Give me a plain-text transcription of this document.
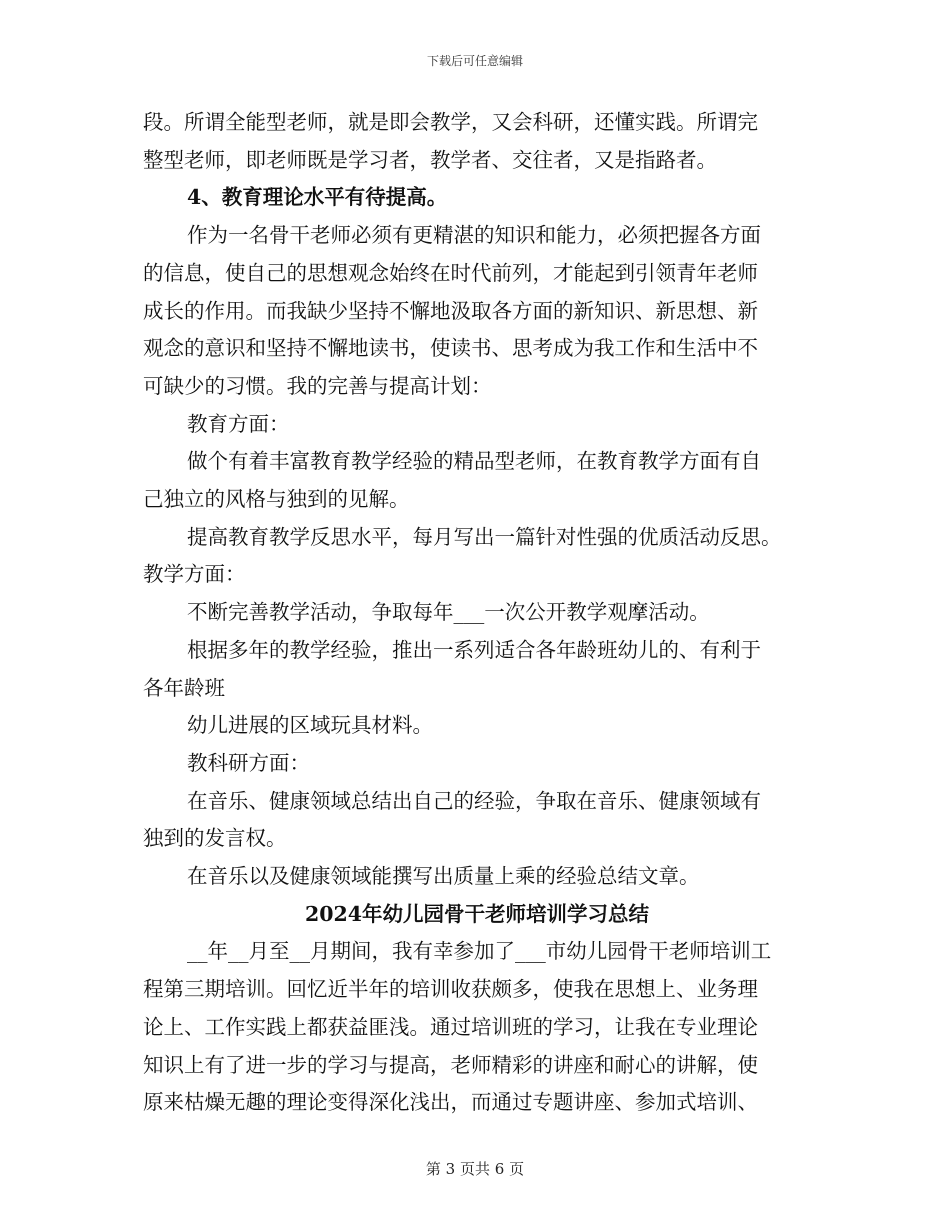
下载后可任意编辑

段。所谓全能型老师，就是即会教学，又会科研，还懂实践。所谓完

整型老师，即老师既是学习者，教学者、交往者，又是指路者。

4、教育理论水平有待提高。

作为一名骨干老师必须有更精湛的知识和能力，必须把握各方面

的信息，使自己的思想观念始终在时代前列，才能起到引领青年老师

成长的作用。而我缺少坚持不懈地汲取各方面的新知识、新思想、新

观念的意识和坚持不懈地读书，使读书、思考成为我工作和生活中不

可缺少的习惯。我的完善与提高计划：

教育方面：

做个有着丰富教育教学经验的精品型老师，在教育教学方面有自

己独立的风格与独到的见解。

提高教育教学反思水平，每月写出一篇针对性强的优质活动反思。

教学方面：

不断完善教学活动，争取每年___一次公开教学观摩活动。

根据多年的教学经验，推出一系列适合各年龄班幼儿的、有利于

各年龄班

幼儿进展的区域玩具材料。

教科研方面：

在音乐、健康领域总结出自己的经验，争取在音乐、健康领域有

独到的发言权。

在音乐以及健康领域能撰写出质量上乘的经验总结文章。

2024年幼儿园骨干老师培训学习总结

__年__月至__月期间，我有幸参加了___市幼儿园骨干老师培训工

程第三期培训。回忆近半年的培训收获颇多，使我在思想上、业务理

论上、工作实践上都获益匪浅。通过培训班的学习，让我在专业理论

知识上有了进一步的学习与提高，老师精彩的讲座和耐心的讲解，使

原来枯燥无趣的理论变得深化浅出，而通过专题讲座、参加式培训、

第 3 页共 6 页
